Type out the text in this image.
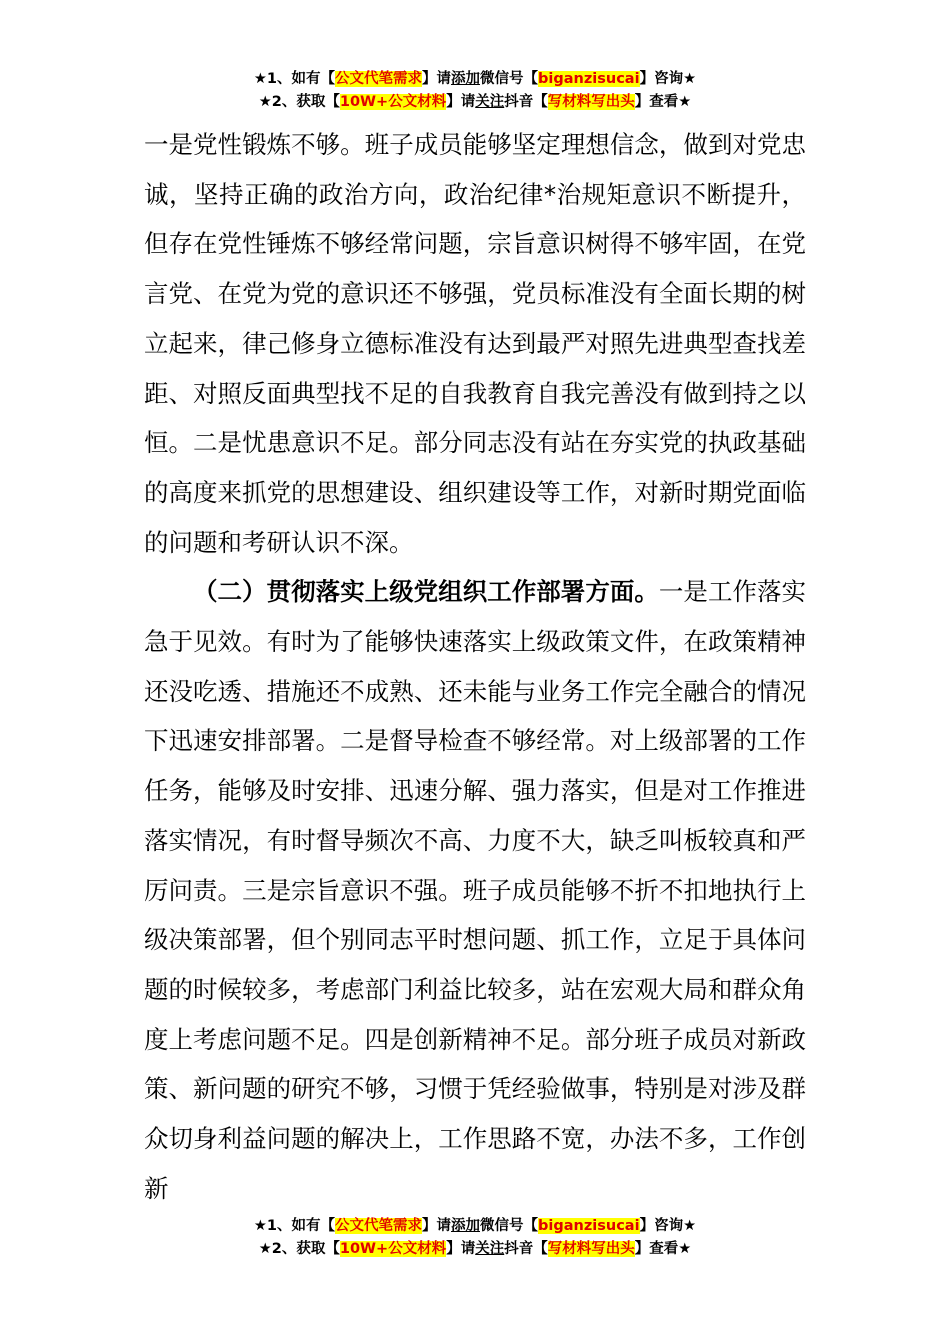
★1、如有【公文代笔需求】请添加微信号【biganzisucai】咨询★
★2、获取【10W+公文材料】请关注抖音【写材料写出头】查看★

一是党性锻炼不够。班子成员能够坚定理想信念，做到对党忠诚，坚持正确的政治方向，政治纪律*治规矩意识不断提升，但存在党性锤炼不够经常问题，宗旨意识树得不够牢固，在党言党、在党为党的意识还不够强，党员标准没有全面长期的树立起来，律己修身立德标准没有达到最严对照先进典型查找差距、对照反面典型找不足的自我教育自我完善没有做到持之以恒。二是忧患意识不足。部分同志没有站在夯实党的执政基础的高度来抓党的思想建设、组织建设等工作，对新时期党面临的问题和考研认识不深。

（二）贯彻落实上级党组织工作部署方面。一是工作落实急于见效。有时为了能够快速落实上级政策文件，在政策精神还没吃透、措施还不成熟、还未能与业务工作完全融合的情况下迅速安排部署。二是督导检查不够经常。对上级部署的工作任务，能够及时安排、迅速分解、强力落实，但是对工作推进落实情况，有时督导频次不高、力度不大，缺乏叫板较真和严厉问责。三是宗旨意识不强。班子成员能够不折不扣地执行上级决策部署，但个别同志平时想问题、抓工作，立足于具体问题的时候较多，考虑部门利益比较多，站在宏观大局和群众角度上考虑问题不足。四是创新精神不足。部分班子成员对新政策、新问题的研究不够，习惯于凭经验做事，特别是对涉及群众切身利益问题的解决上，工作思路不宽，办法不多，工作创新

★1、如有【公文代笔需求】请添加微信号【biganzisucai】咨询★
★2、获取【10W+公文材料】请关注抖音【写材料写出头】查看★
